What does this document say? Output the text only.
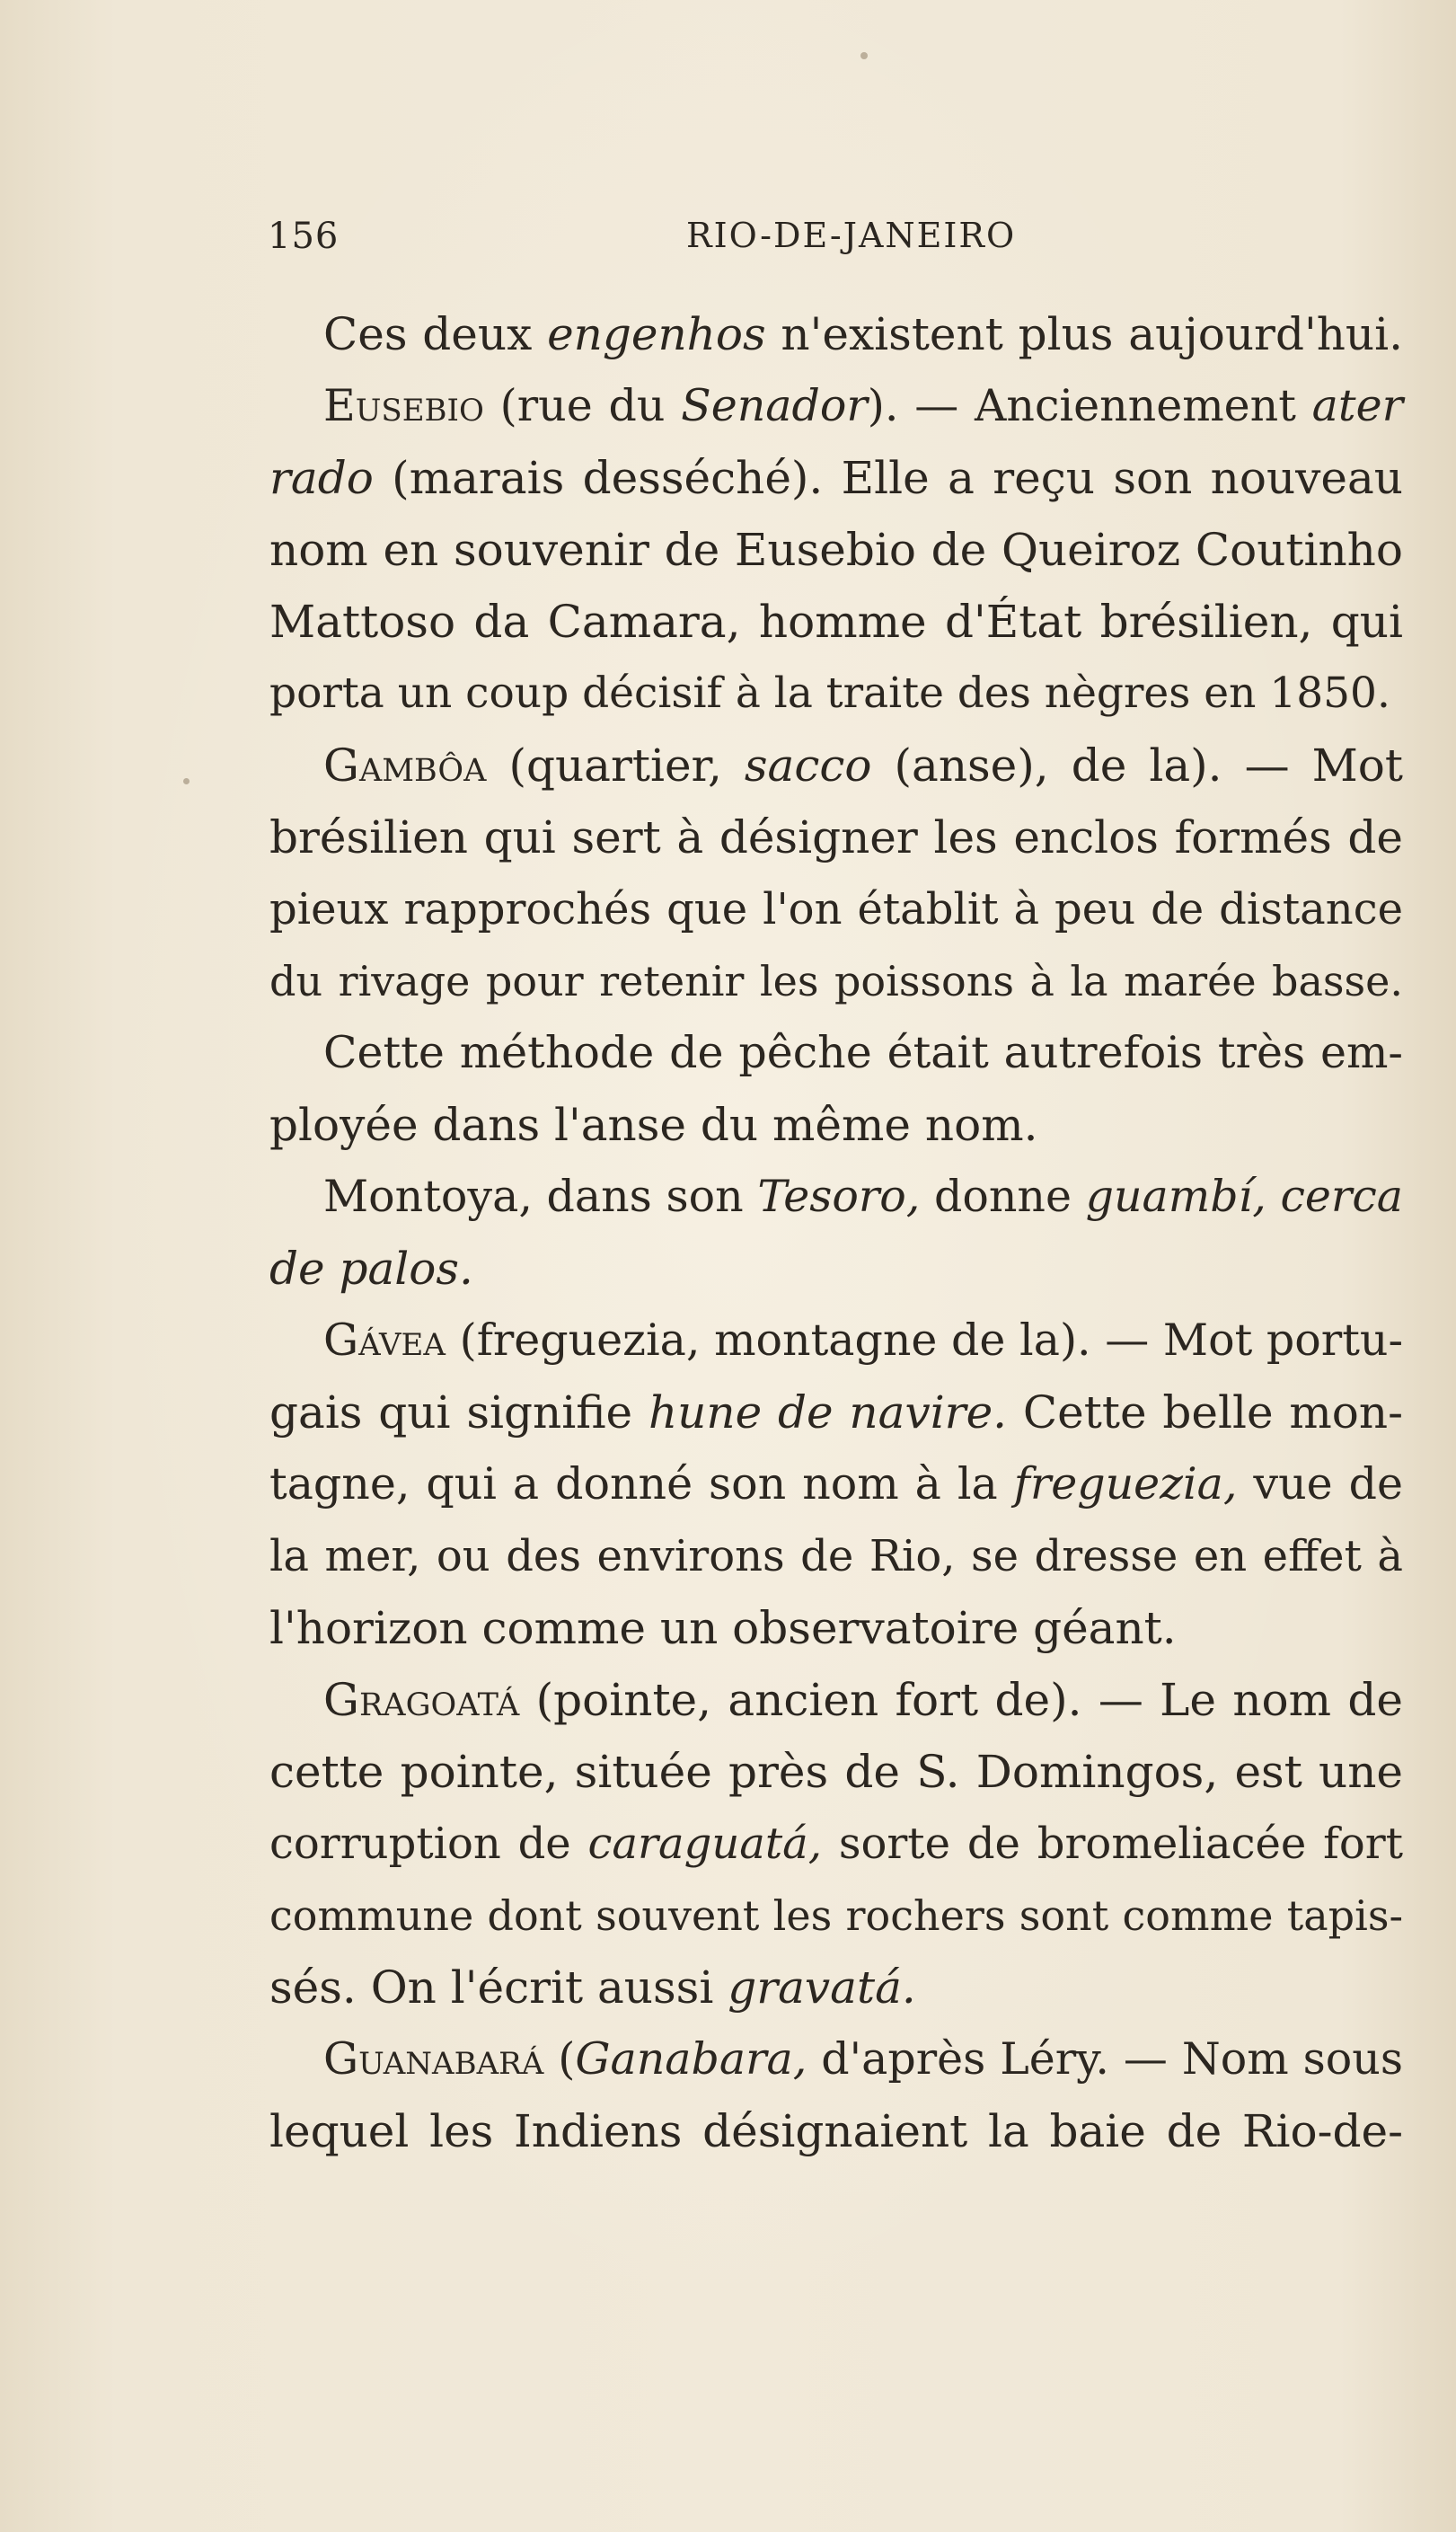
156	RIO-DE-JANEIRO
Ces deux engenhos n'existent plus aujourd'hui.
Eusebio (rue du Senador). — Anciennement ater
rado (marais desséché). Elle a reçu son nouveau
nom en souvenir de Eusebio de Queiroz Coutinho
Mattoso da Camara, homme d'État brésilien, qui
porta un coup décisif à la traite des nègres en 1850.
Gambôa (quartier, sacco (anse), de la). — Mot
brésilien qui sert à désigner les enclos formés de
pieux rapprochés que l'on établit à peu de distance
du rivage pour retenir les poissons à la marée basse.
Cette méthode de pêche était autrefois très em-
ployée dans l'anse du même nom.
Montoya, dans son Tesoro, donne guambí, cerca
de palos.
Gávea (freguezia, montagne de la). — Mot portu-
gais qui signifie hune de navire. Cette belle mon-
tagne, qui a donné son nom à la freguezia, vue de
la mer, ou des environs de Rio, se dresse en effet à
l'horizon comme un observatoire géant.
Gragoatá (pointe, ancien fort de). — Le nom de
cette pointe, située près de S. Domingos, est une
corruption de caraguatá, sorte de bromeliacée fort
commune dont souvent les rochers sont comme tapis-
sés. On l'écrit aussi gravatá.
Guanabará (Ganabara, d'après Léry. — Nom sous
lequel les Indiens désignaient la baie de Rio-de-
